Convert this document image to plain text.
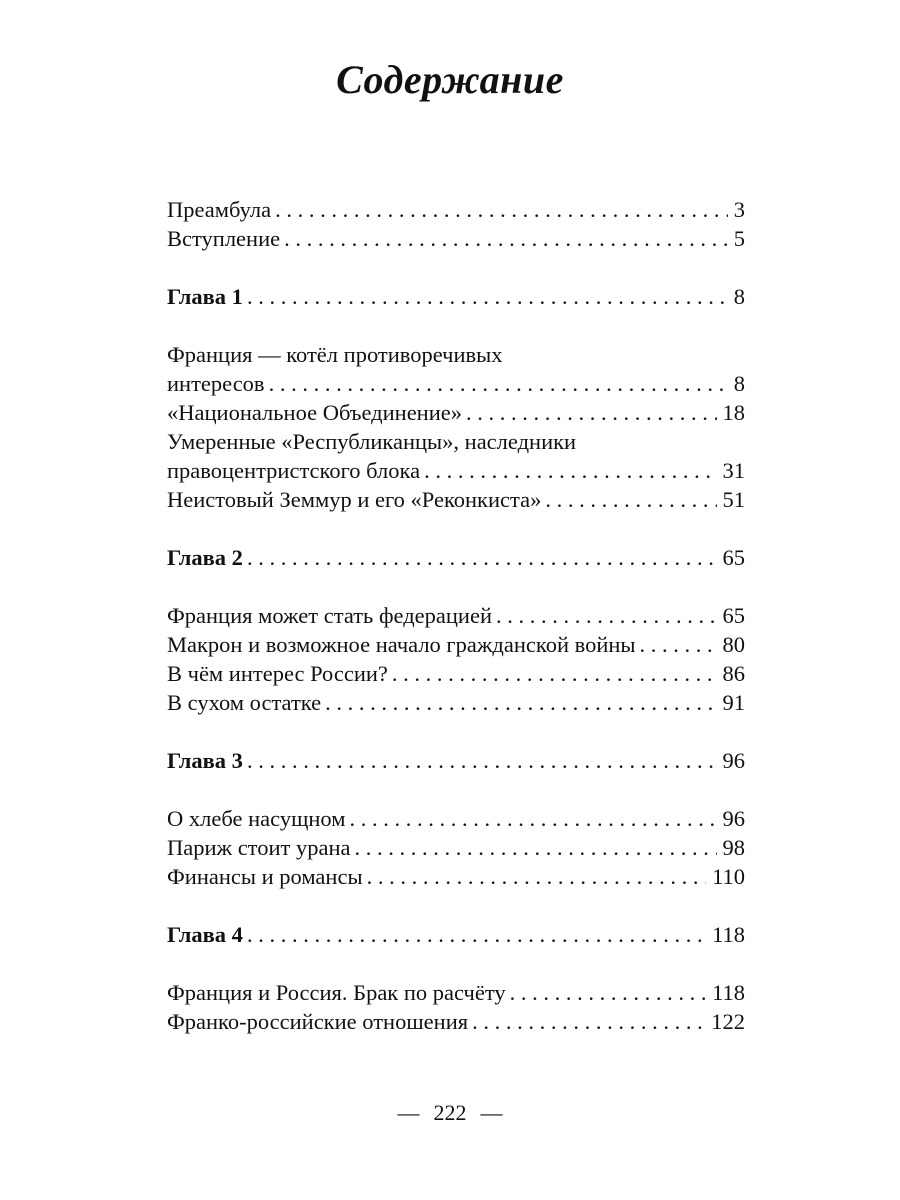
Содержание
Преамбула . . .	3
Вступление . . .	5
Глава 1 . . .	8
Франция — котёл противоречивых
интересов . . .	8
«Национальное Объединение» . . .	18
Умеренные «Республиканцы», наследники
правоцентристского блока . . .	31
Неистовый Земмур и его «Реконкиста» . . .	51
Глава 2 . . .	65
Франция может стать федерацией . . .	65
Макрон и возможное начало гражданской войны . . .	80
В чём интерес России? . . .	86
В сухом остатке . . .	91
Глава 3 . . .	96
О хлебе насущном . . .	96
Париж стоит урана . . .	98
Финансы и романсы . . .	110
Глава 4 . . .	118
Франция и Россия. Брак по расчёту . . .	118
Франко-российские отношения . . .	122
— 222 —
